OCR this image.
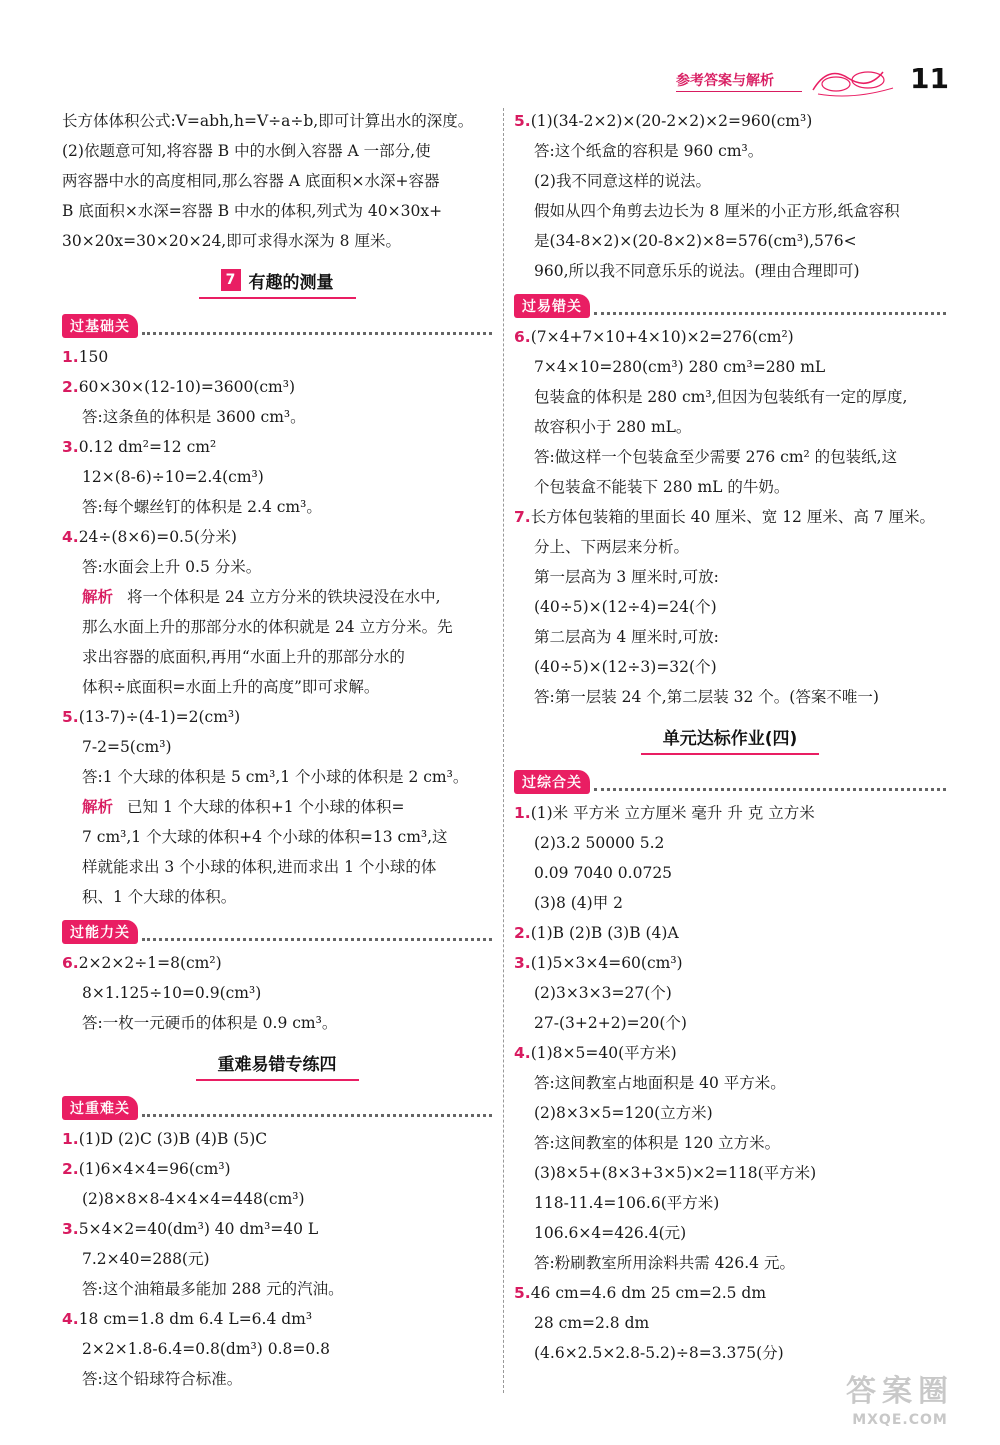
参考答案与解析	11
长方体体积公式:V=abh,h=V÷a÷b,即可计算出水的深度。
(2)依题意可知,将容器 B 中的水倒入容器 A 一部分,使
两容器中水的高度相同,那么容器 A 底面积×水深+容器
B 底面积×水深=容器 B 中水的体积,列式为 40×30x+
30×20x=30×20×24,即可求得水深为 8 厘米。
7 有趣的测量
过基础关
1.150
2.60×30×(12-10)=3600(cm³)
答:这条鱼的体积是 3600 cm³。
3.0.12 dm²=12 cm²
12×(8-6)÷10=2.4(cm³)
答:每个螺丝钉的体积是 2.4 cm³。
4.24÷(8×6)=0.5(分米)
答:水面会上升 0.5 分米。
解析 将一个体积是 24 立方分米的铁块浸没在水中,
那么水面上升的那部分水的体积就是 24 立方分米。先
求出容器的底面积,再用“水面上升的那部分水的
体积÷底面积=水面上升的高度”即可求解。
5.(13-7)÷(4-1)=2(cm³)
7-2=5(cm³)
答:1 个大球的体积是 5 cm³,1 个小球的体积是 2 cm³。
解析 已知 1 个大球的体积+1 个小球的体积=
7 cm³,1 个大球的体积+4 个小球的体积=13 cm³,这
样就能求出 3 个小球的体积,进而求出 1 个小球的体
积、1 个大球的体积。
过能力关
6.2×2×2÷1=8(cm²)
8×1.125÷10=0.9(cm³)
答:一枚一元硬币的体积是 0.9 cm³。
重难易错专练四
过重难关
1.(1)D (2)C (3)B (4)B (5)C
2.(1)6×4×4=96(cm³)
(2)8×8×8-4×4×4=448(cm³)
3.5×4×2=40(dm³) 40 dm³=40 L
7.2×40=288(元)
答:这个油箱最多能加 288 元的汽油。
4.18 cm=1.8 dm 6.4 L=6.4 dm³
2×2×1.8-6.4=0.8(dm³) 0.8=0.8
答:这个铅球符合标准。
5.(1)(34-2×2)×(20-2×2)×2=960(cm³)
答:这个纸盒的容积是 960 cm³。
(2)我不同意这样的说法。
假如从四个角剪去边长为 8 厘米的小正方形,纸盒容积
是(34-8×2)×(20-8×2)×8=576(cm³),576<
960,所以我不同意乐乐的说法。(理由合理即可)
过易错关
6.(7×4+7×10+4×10)×2=276(cm²)
7×4×10=280(cm³) 280 cm³=280 mL
包装盒的体积是 280 cm³,但因为包装纸有一定的厚度,
故容积小于 280 mL。
答:做这样一个包装盒至少需要 276 cm² 的包装纸,这
个包装盒不能装下 280 mL 的牛奶。
7.长方体包装箱的里面长 40 厘米、宽 12 厘米、高 7 厘米。
分上、下两层来分析。
第一层高为 3 厘米时,可放:
(40÷5)×(12÷4)=24(个)
第二层高为 4 厘米时,可放:
(40÷5)×(12÷3)=32(个)
答:第一层装 24 个,第二层装 32 个。(答案不唯一)
单元达标作业(四)
过综合关
1.(1)米 平方米 立方厘米 毫升 升 克 立方米
(2)3.2 50000 5.2
0.09 7040 0.0725
(3)8 (4)甲 2
2.(1)B (2)B (3)B (4)A
3.(1)5×3×4=60(cm³)
(2)3×3×3=27(个)
27-(3+2+2)=20(个)
4.(1)8×5=40(平方米)
答:这间教室占地面积是 40 平方米。
(2)8×3×5=120(立方米)
答:这间教室的体积是 120 立方米。
(3)8×5+(8×3+3×5)×2=118(平方米)
118-11.4=106.6(平方米)
106.6×4=426.4(元)
答:粉刷教室所用涂料共需 426.4 元。
5.46 cm=4.6 dm 25 cm=2.5 dm
28 cm=2.8 dm
(4.6×2.5×2.8-5.2)÷8=3.375(分)
答案圈
MXQE.COM
